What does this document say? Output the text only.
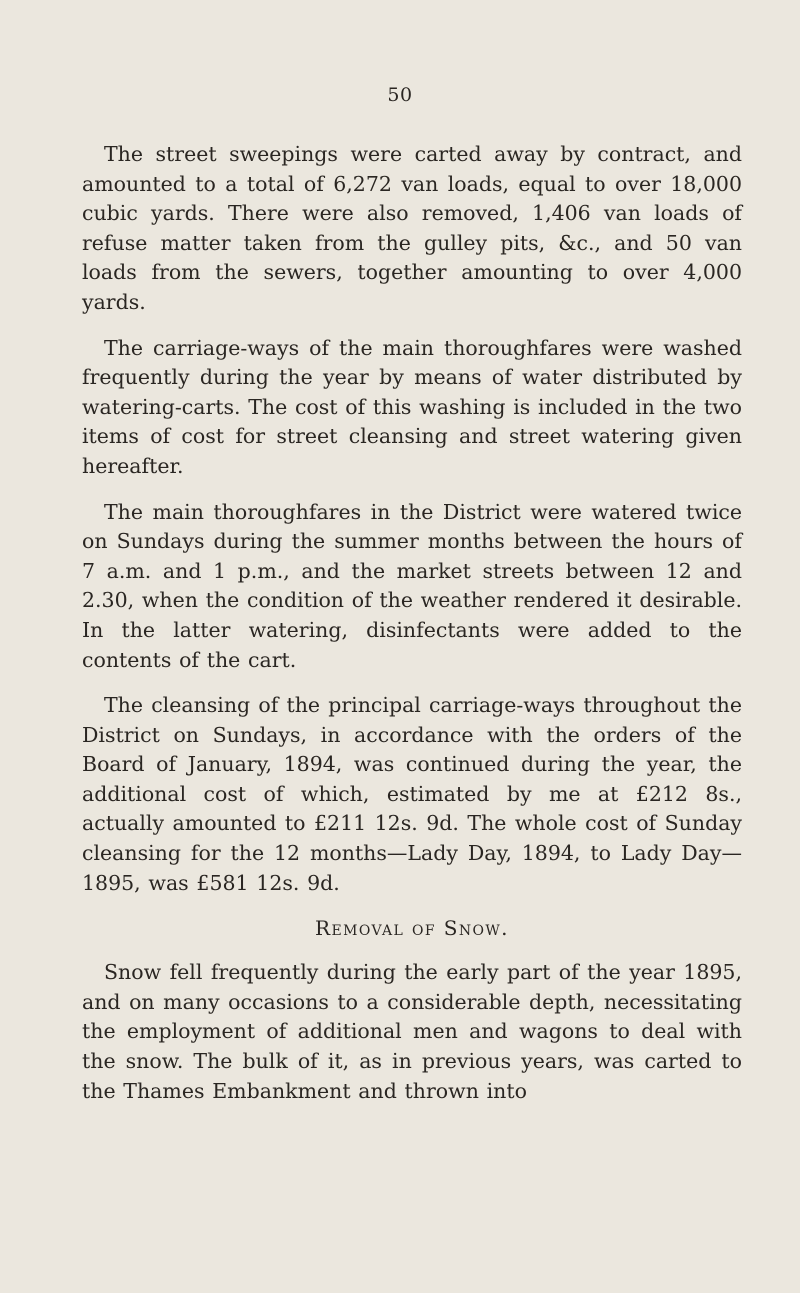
50

The street sweepings were carted away by contract, and amounted to a total of 6,272 van loads, equal to over 18,000 cubic yards. There were also removed, 1,406 van loads of refuse matter taken from the gulley pits, &c., and 50 van loads from the sewers, together amounting to over 4,000 yards.

The carriage-ways of the main thoroughfares were washed frequently during the year by means of water distributed by watering-carts. The cost of this washing is included in the two items of cost for street cleansing and street watering given hereafter.

The main thoroughfares in the District were watered twice on Sundays during the summer months between the hours of 7 a.m. and 1 p.m., and the market streets between 12 and 2.30, when the condition of the weather rendered it desirable. In the latter watering, disinfectants were added to the contents of the cart.

The cleansing of the principal carriage-ways throughout the District on Sundays, in accordance with the orders of the Board of January, 1894, was continued during the year, the additional cost of which, estimated by me at £212 8s., actually amounted to £211 12s. 9d. The whole cost of Sunday cleansing for the 12 months—Lady Day, 1894, to Lady Day—1895, was £581 12s. 9d.

Removal of Snow.

Snow fell frequently during the early part of the year 1895, and on many occasions to a considerable depth, necessitating the employment of additional men and wagons to deal with the snow. The bulk of it, as in previous years, was carted to the Thames Embankment and thrown into
